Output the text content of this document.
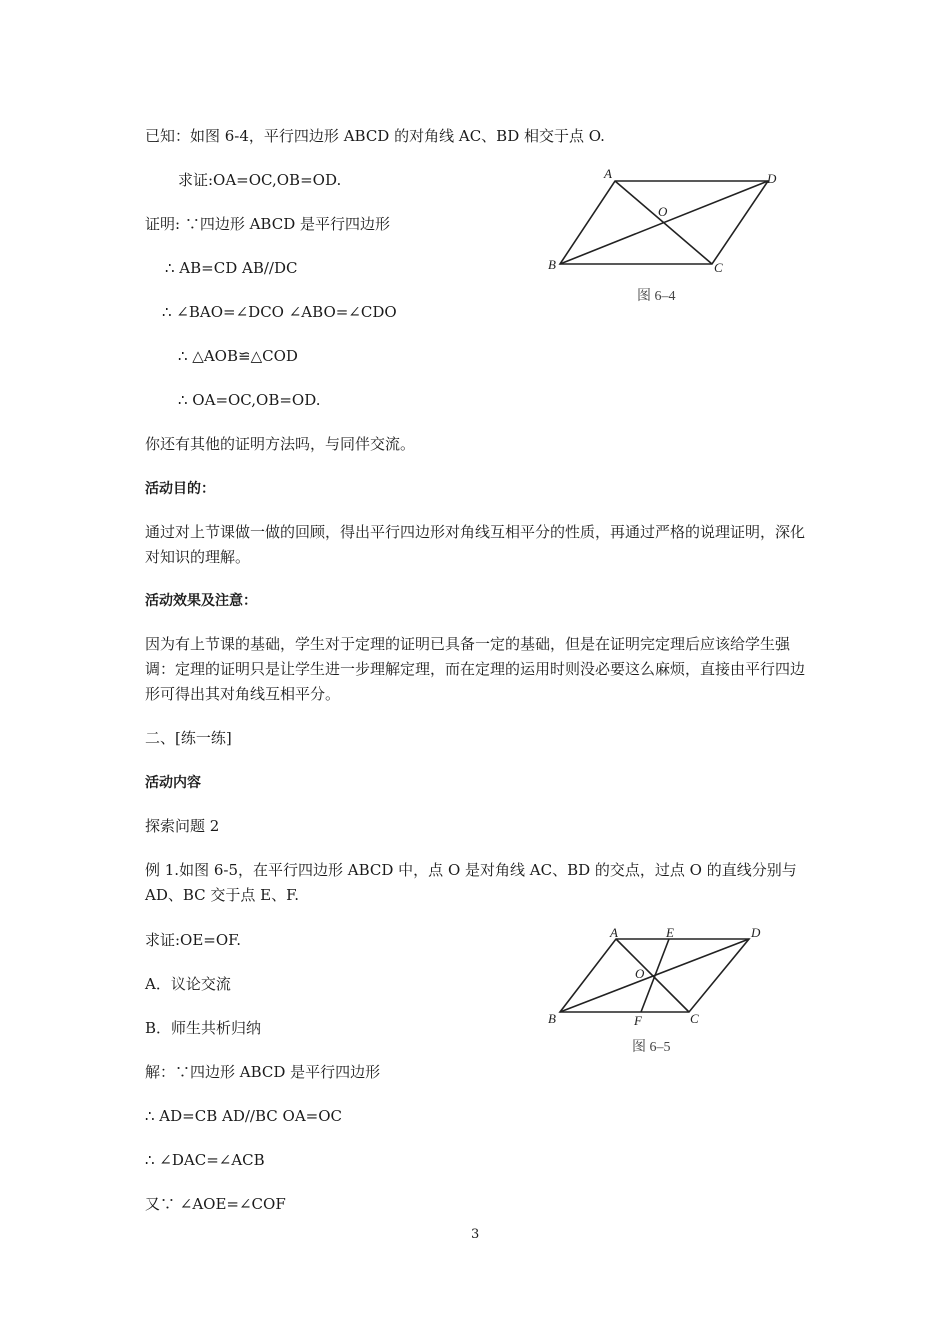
已知：如图 6-4，平行四边形 ABCD 的对角线 AC、BD 相交于点 O.
求证:OA=OC,OB=OD.
证明: ∵四边形 ABCD 是平行四边形
∴ AB=CD AB//DC
∴ ∠BAO=∠DCO ∠ABO=∠CDO
∴ △AOB≌△COD
∴ OA=OC,OB=OD.
你还有其他的证明方法吗，与同伴交流。
活动目的：
通过对上节课做一做的回顾，得出平行四边形对角线互相平分的性质，再通过严格的说理证明，深化对知识的理解。
活动效果及注意：
因为有上节课的基础，学生对于定理的证明已具备一定的基础，但是在证明完定理后应该给学生强调：定理的证明只是让学生进一步理解定理，而在定理的运用时则没必要这么麻烦，直接由平行四边形可得出其对角线互相平分。
二、[练一练]
活动内容
探索问题 2
例 1.如图 6-5，在平行四边形 ABCD 中，点 O 是对角线 AC、BD 的交点，过点 O 的直线分别与 AD、BC 交于点 E、F.
求证:OE=OF.
A．议论交流
B．师生共析归纳
解：∵四边形 ABCD 是平行四边形
∴ AD=CB AD//BC OA=OC
∴ ∠DAC=∠ACB
又∵ ∠AOE=∠COF
A	D
O
B	C
图 6–4
A	E	D
O
B	F	C
图 6–5
3
